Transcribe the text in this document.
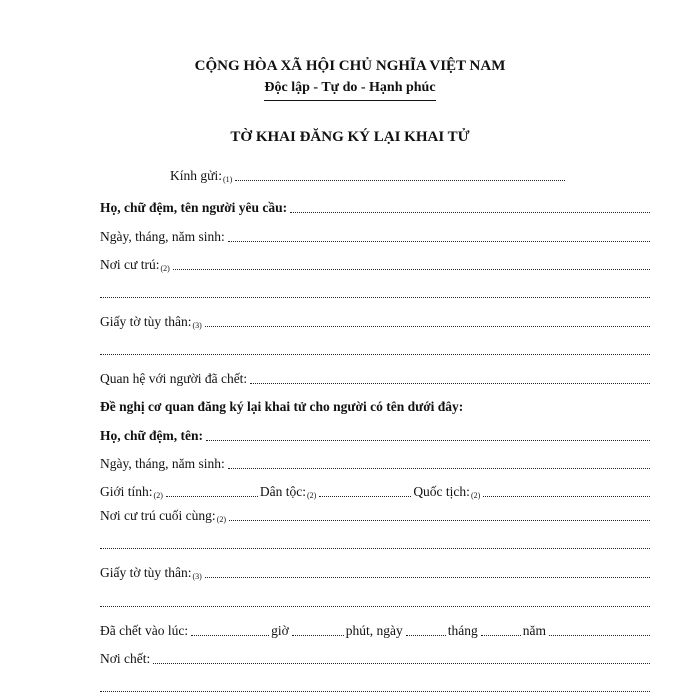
CỘNG HÒA XÃ HỘI CHỦ NGHĨA VIỆT NAM
Độc lập - Tự do - Hạnh phúc
TỜ KHAI ĐĂNG KÝ LẠI KHAI TỬ
Kính $gửi:_{(1)}$
Họ, chữ đệm, tên người yêu cầu:
Ngày, tháng, năm sinh:
Nơi cư $trú:_{(2)}$
Giấy tờ tùy $thân:_{(3)}$
Quan hệ với người đã chết:
Đề nghị cơ quan đăng ký lại khai tử cho người có tên dưới đây:
Họ, chữ đệm, tên:
Ngày, tháng, năm sinh:
Giới $tính:_{(2)}$	Dân $tộc:_{(2)}$	Quốc $tịch:_{(2)}$
Nơi cư trú cuối $cùng:_{(2)}$
Giấy tờ tùy $thân:_{(3)}$
Đã chết vào lúc:	giờ	phút, ngày	tháng	năm
Nơi chết:
